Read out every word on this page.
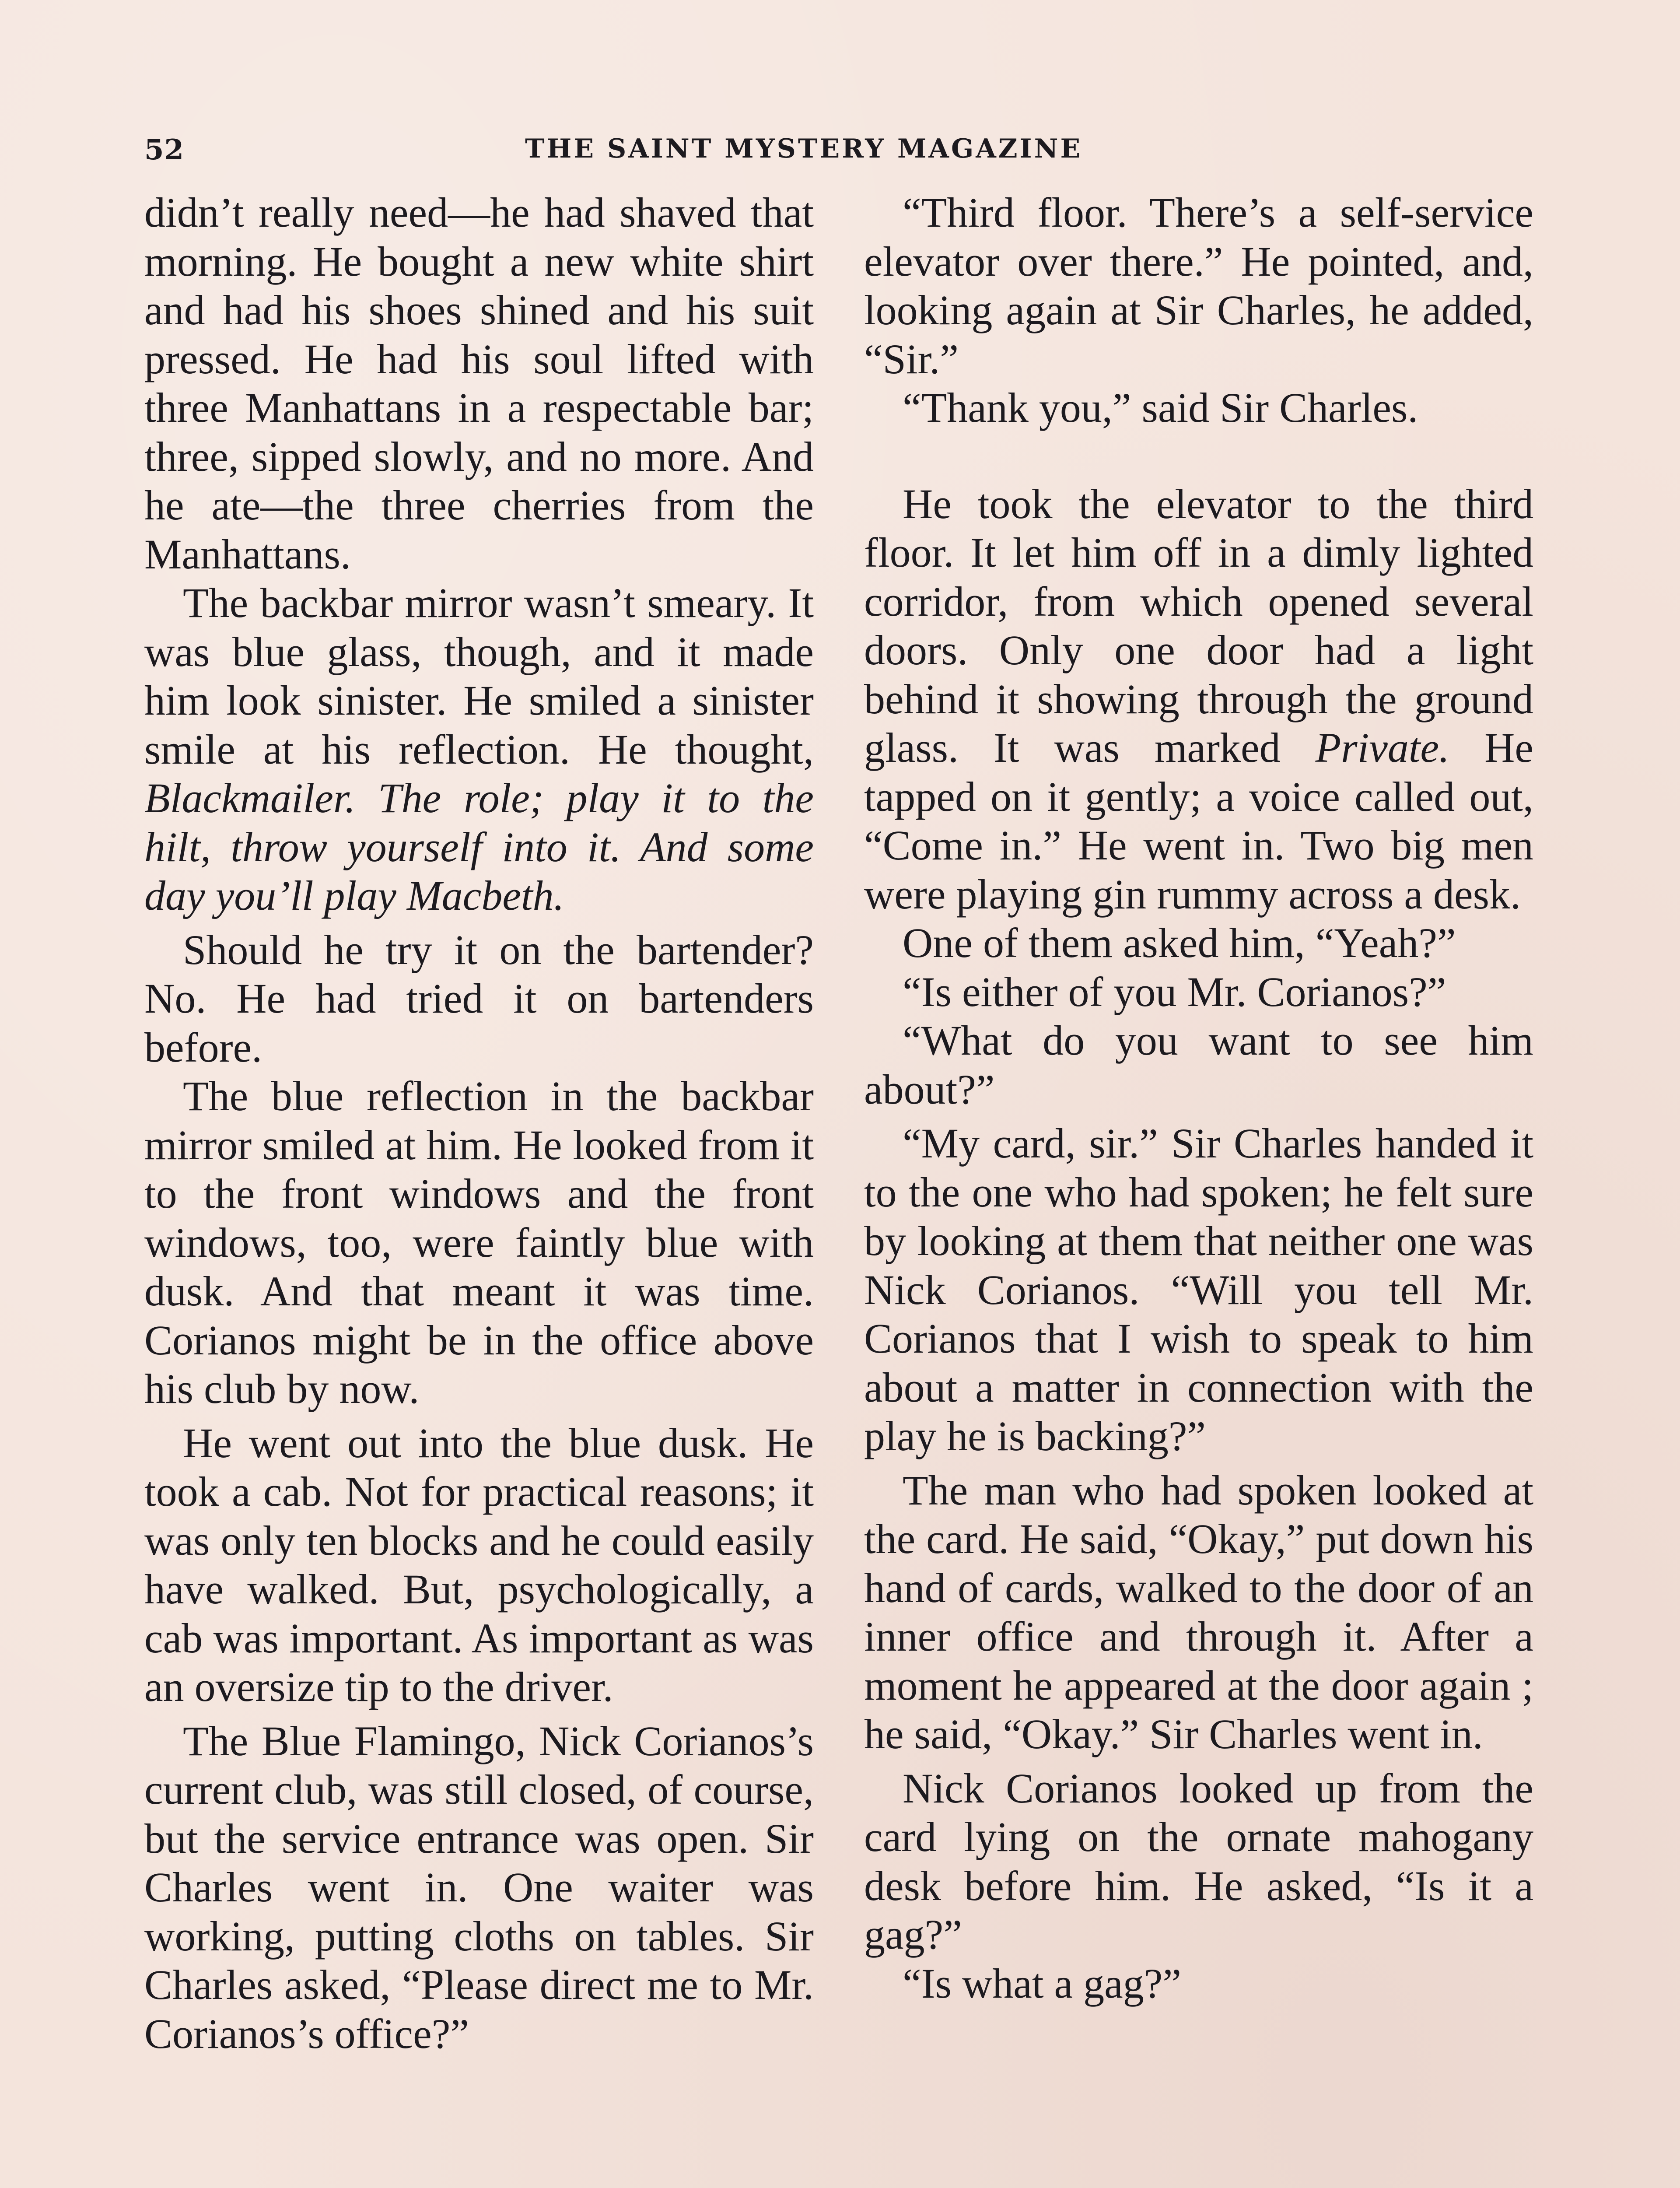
52	THE SAINT MYSTERY MAGAZINE

didn’t really need—he had shaved that morning. He bought a new white shirt and had his shoes shined and his suit pressed. He had his soul lifted with three Manhattans in a respectable bar; three, sipped slowly, and no more. And he ate—the three cherries from the Manhattans.

The backbar mirror wasn’t smeary. It was blue glass, though, and it made him look sinister. He smiled a sinister smile at his reflection. He thought, Blackmailer. The role; play it to the hilt, throw yourself into it. And some day you’ll play Macbeth.

Should he try it on the bartender? No. He had tried it on bartenders before.

The blue reflection in the backbar mirror smiled at him. He looked from it to the front windows and the front windows, too, were faintly blue with dusk. And that meant it was time. Corianos might be in the office above his club by now.

He went out into the blue dusk. He took a cab. Not for practical reasons; it was only ten blocks and he could easily have walked. But, psychologically, a cab was important. As important as was an oversize tip to the driver.

The Blue Flamingo, Nick Corianos’s current club, was still closed, of course, but the service entrance was open. Sir Charles went in. One waiter was working, putting cloths on tables. Sir Charles asked, “Please direct me to Mr. Corianos’s office?”

“Third floor. There’s a self-service elevator over there.” He pointed, and, looking again at Sir Charles, he added, “Sir.”

“Thank you,” said Sir Charles.

He took the elevator to the third floor. It let him off in a dimly lighted corridor, from which opened several doors. Only one door had a light behind it showing through the ground glass. It was marked Private. He tapped on it gently; a voice called out, “Come in.” He went in. Two big men were playing gin rummy across a desk.

One of them asked him, “Yeah?”

“Is either of you Mr. Corianos?”

“What do you want to see him about?”

“My card, sir.” Sir Charles handed it to the one who had spoken; he felt sure by looking at them that neither one was Nick Corianos. “Will you tell Mr. Corianos that I wish to speak to him about a matter in connection with the play he is backing?”

The man who had spoken looked at the card. He said, “Okay,” put down his hand of cards, walked to the door of an inner office and through it. After a moment he appeared at the door again ; he said, “Okay.” Sir Charles went in.

Nick Corianos looked up from the card lying on the ornate mahogany desk before him. He asked, “Is it a gag?”

“Is what a gag?”
